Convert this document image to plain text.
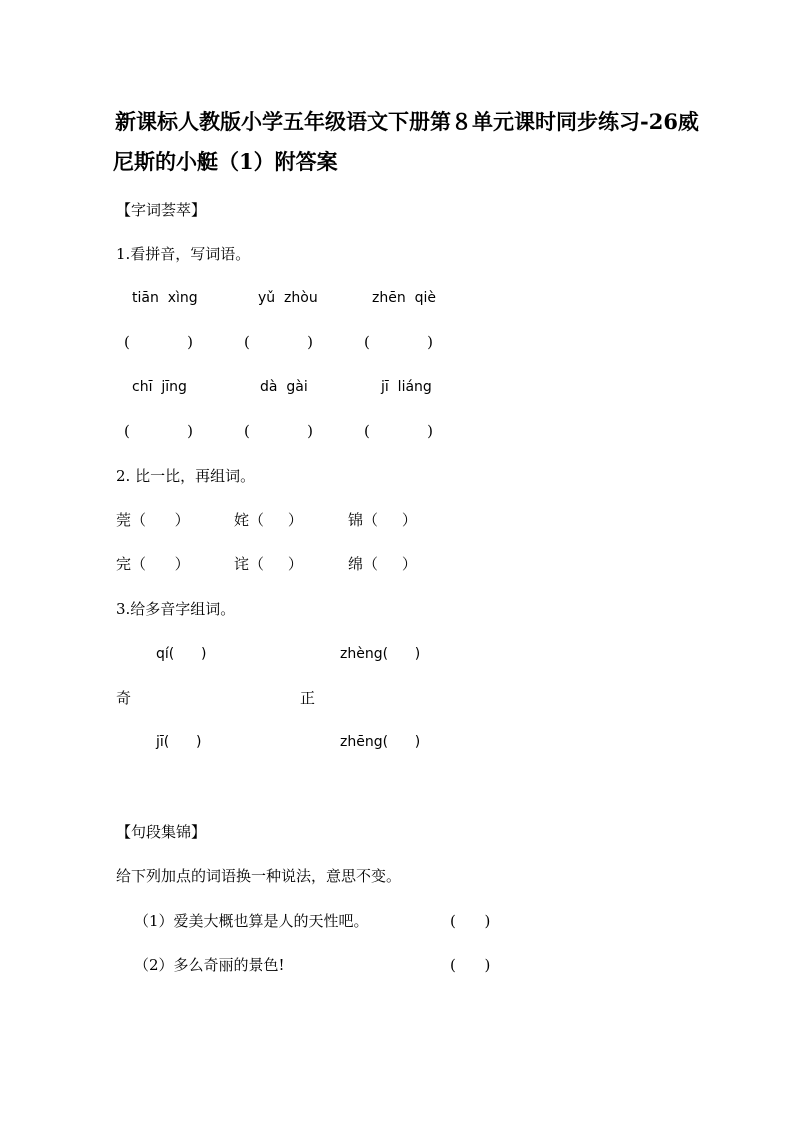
新课标人教版小学五年级语文下册第８单元课时同步练习-26威尼斯的小艇（1）附答案
【字词荟萃】
1.看拼音，写词语。
tiān  xìng	yǔ  zhòu	zhēn  qiè
(            )	(            )	(            )
chī  jīng	dà  gài	jī  liáng
(            )	(            )	(            )
2. 比一比，再组词。
莞（      ）	姹（     ）	锦（     ）
完（      ）	诧（     ）	绵（     ）
3.给多音字组词。
qí(      )	zhèng(      )
奇	正
jī(      )	zhēng(      )
【句段集锦】
给下列加点的词语换一种说法，意思不变。
（1）爱美大概也算是人的天性吧。	(      )
（2）多么奇丽的景色!	(      )
